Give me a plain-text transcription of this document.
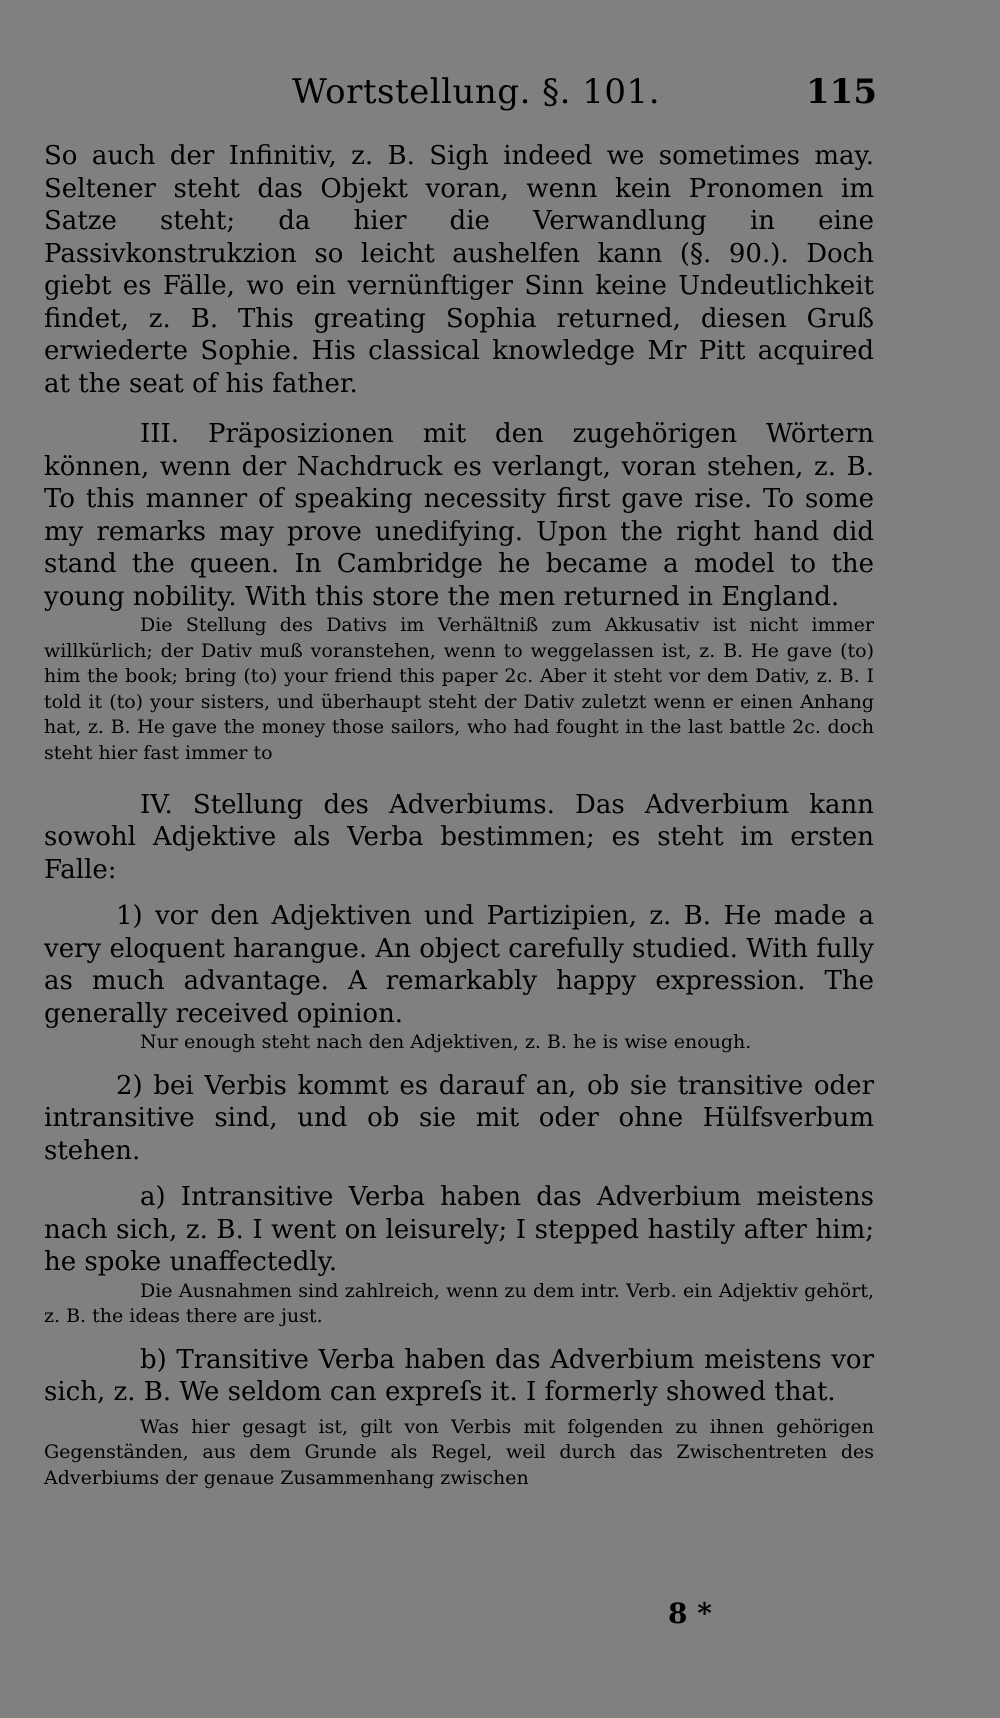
Wortstellung. §. 101.	115

So auch der Infinitiv, z. B. Sigh indeed we sometimes may. Seltener steht das Objekt voran, wenn kein Pronomen im Satze steht; da hier die Verwandlung in eine Passivkonstrukzion so leicht aushelfen kann (§. 90.). Doch giebt es Fälle, wo ein vernünftiger Sinn keine Undeutlichkeit findet, z. B. This greating Sophia returned, diesen Gruß erwiederte Sophie. His classical knowledge Mr Pitt acquired at the seat of his father.

III. Präposizionen mit den zugehörigen Wörtern können, wenn der Nachdruck es verlangt, voran stehen, z. B. To this manner of speaking necessity first gave rise. To some my remarks may prove unedifying. Upon the right hand did stand the queen. In Cambridge he became a model to the young nobility. With this store the men returned in England.

Die Stellung des Dativs im Verhältniß zum Akkusativ ist nicht immer willkürlich; der Dativ muß voranstehen, wenn to weggelassen ist, z. B. He gave (to) him the book; bring (to) your friend this paper 2c. Aber it steht vor dem Dativ, z. B. I told it (to) your sisters, und überhaupt steht der Dativ zuletzt wenn er einen Anhang hat, z. B. He gave the money those sailors, who had fought in the last battle 2c. doch steht hier fast immer to

IV. Stellung des Adverbiums. Das Adverbium kann sowohl Adjektive als Verba bestimmen; es steht im ersten Falle:

1) vor den Adjektiven und Partizipien, z. B. He made a very eloquent harangue. An object carefully studied. With fully as much advantage. A remarkably happy expression. The generally received opinion.

Nur enough steht nach den Adjektiven, z. B. he is wise enough.

2) bei Verbis kommt es darauf an, ob sie transitive oder intransitive sind, und ob sie mit oder ohne Hülfsverbum stehen.

a) Intransitive Verba haben das Adverbium meistens nach sich, z. B. I went on leisurely; I stepped hastily after him; he spoke unaffectedly.

Die Ausnahmen sind zahlreich, wenn zu dem intr. Verb. ein Adjektiv gehört, z. B. the ideas there are just.

b) Transitive Verba haben das Adverbium meistens vor sich, z. B. We seldom can expreſs it. I formerly showed that.

Was hier gesagt ist, gilt von Verbis mit folgenden zu ihnen gehörigen Gegenständen, aus dem Grunde als Regel, weil durch das Zwischentreten des Adverbiums der genaue Zusammenhang zwischen

8 *
